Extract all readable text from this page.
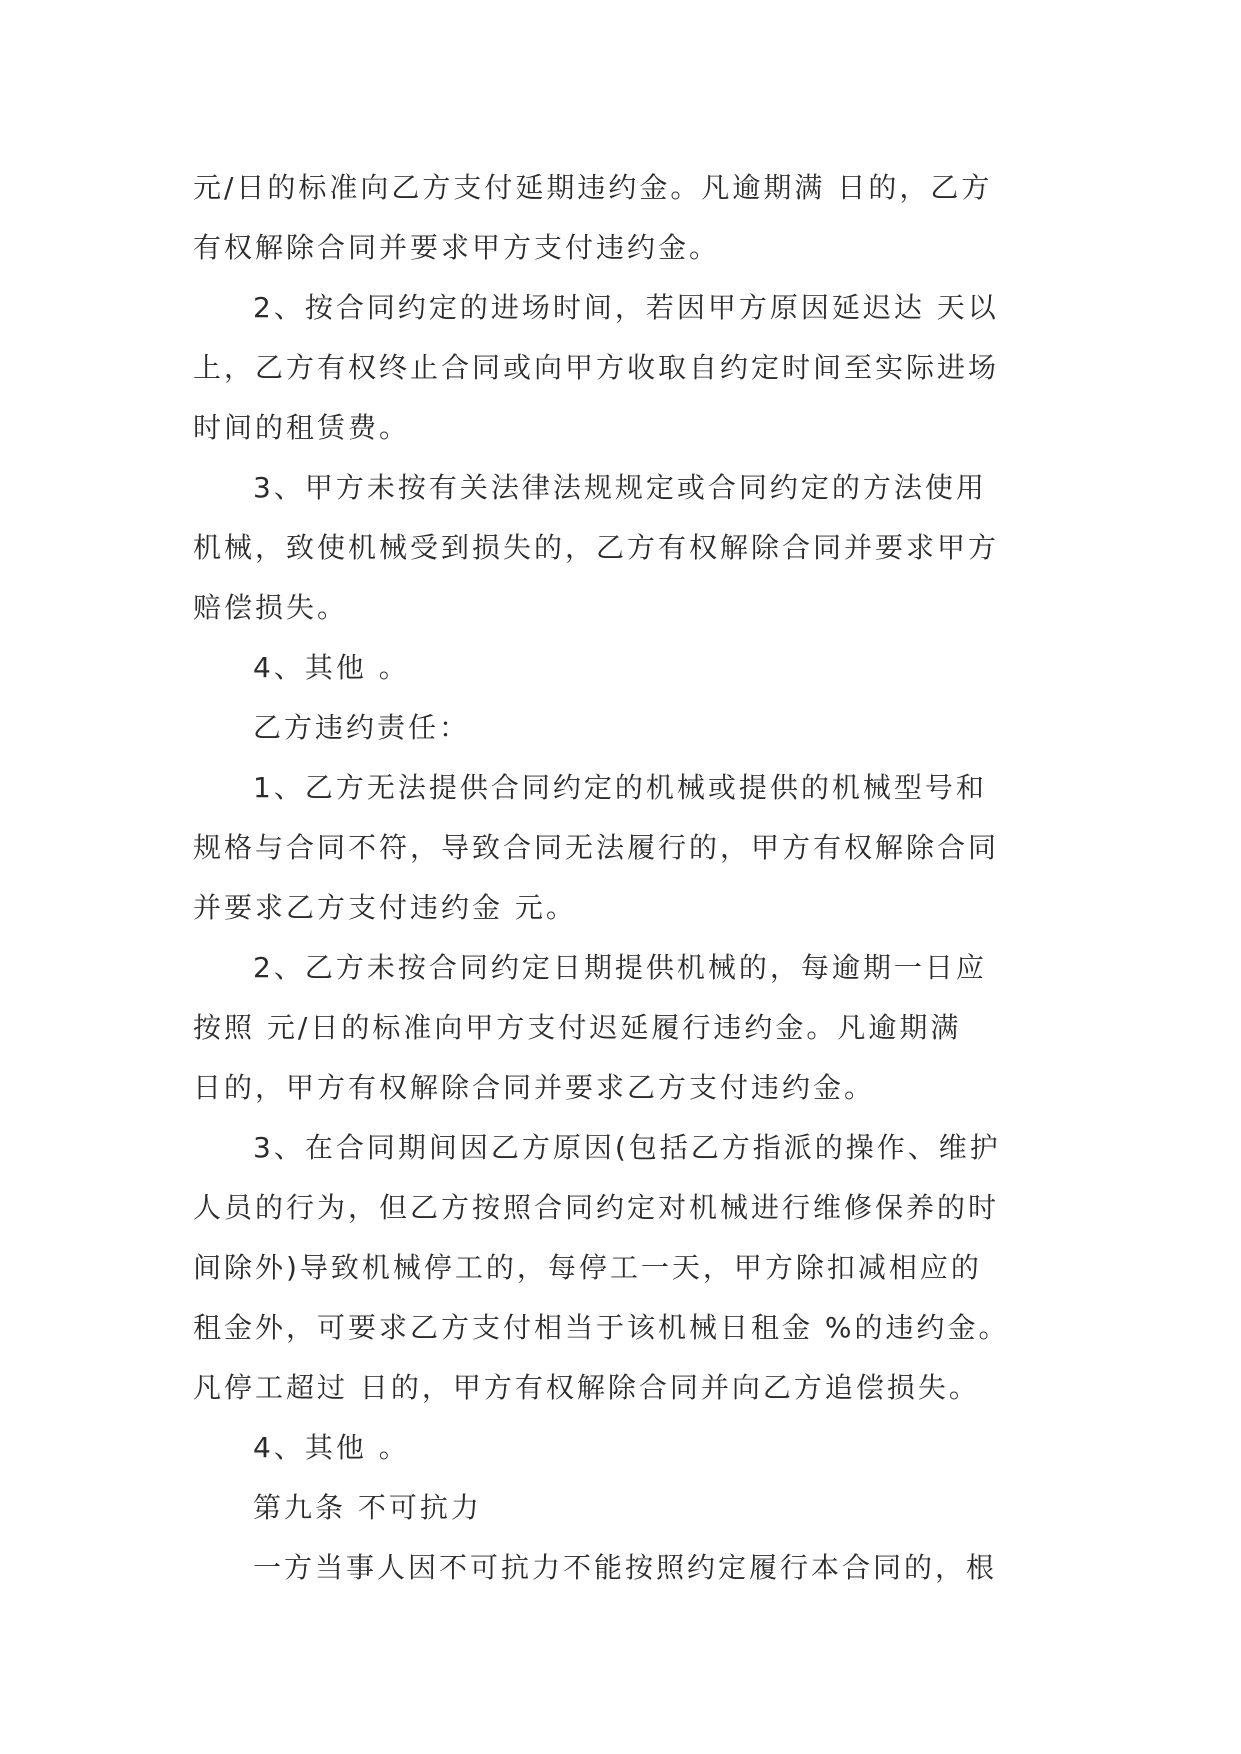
元/日的标准向乙方支付延期违约金。凡逾期满 日的，乙方
有权解除合同并要求甲方支付违约金。
2、按合同约定的进场时间，若因甲方原因延迟达 天以
上，乙方有权终止合同或向甲方收取自约定时间至实际进场
时间的租赁费。
3、甲方未按有关法律法规规定或合同约定的方法使用
机械，致使机械受到损失的，乙方有权解除合同并要求甲方
赔偿损失。
4、其他 。
乙方违约责任：
1、乙方无法提供合同约定的机械或提供的机械型号和
规格与合同不符，导致合同无法履行的，甲方有权解除合同
并要求乙方支付违约金 元。
2、乙方未按合同约定日期提供机械的，每逾期一日应
按照 元/日的标准向甲方支付迟延履行违约金。凡逾期满
日的，甲方有权解除合同并要求乙方支付违约金。
3、在合同期间因乙方原因(包括乙方指派的操作、维护
人员的行为，但乙方按照合同约定对机械进行维修保养的时
间除外)导致机械停工的，每停工一天，甲方除扣减相应的
租金外，可要求乙方支付相当于该机械日租金 %的违约金。
凡停工超过 日的，甲方有权解除合同并向乙方追偿损失。
4、其他 。
第九条 不可抗力
一方当事人因不可抗力不能按照约定履行本合同的，根
